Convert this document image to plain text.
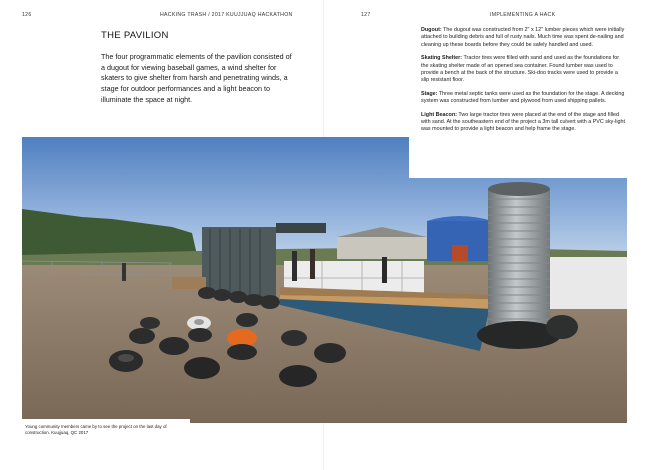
126	HACKING TRASH / 2017 KUUJJUAQ HACKATHON	127	IMPLEMENTING A HACK
THE PAVILION
The four programmatic elements of the pavilion consisted of a dugout for viewing baseball games, a wind shelter for skaters to give shelter from harsh and penetrating winds, a stage for outdoor performances and a light beacon to illuminate the space at night.

Dugout: The dugout was constructed from 2" x 12" lumber pieces which were initially attached to building debris and full of rusty nails. Much time was spent de-nailing and cleaning up these boards before they could be safely handled and used.

Skating Shelter: Tractor tires were filled with sand and used as the foundations for the skating shelter made of an opened sea container. Found lumber was used to provide a bench at the back of the structure. Ski-doo tracks were used to provide a slip resistant floor.

Stage: Three metal septic tanks were used as the foundation for the stage. A decking system was constructed from lumber and plywood from used shipping pallets.

Light Beacon: Two large tractor tires were placed at the end of the stage and filled with sand. At the southeastern end of the project a 3m tall culvert with a PVC sky-light was mounted to provide a light beacon and help frame the stage.

Young community members came by to see the project on the last day of construction. Kuujjuaq, QC 2017
